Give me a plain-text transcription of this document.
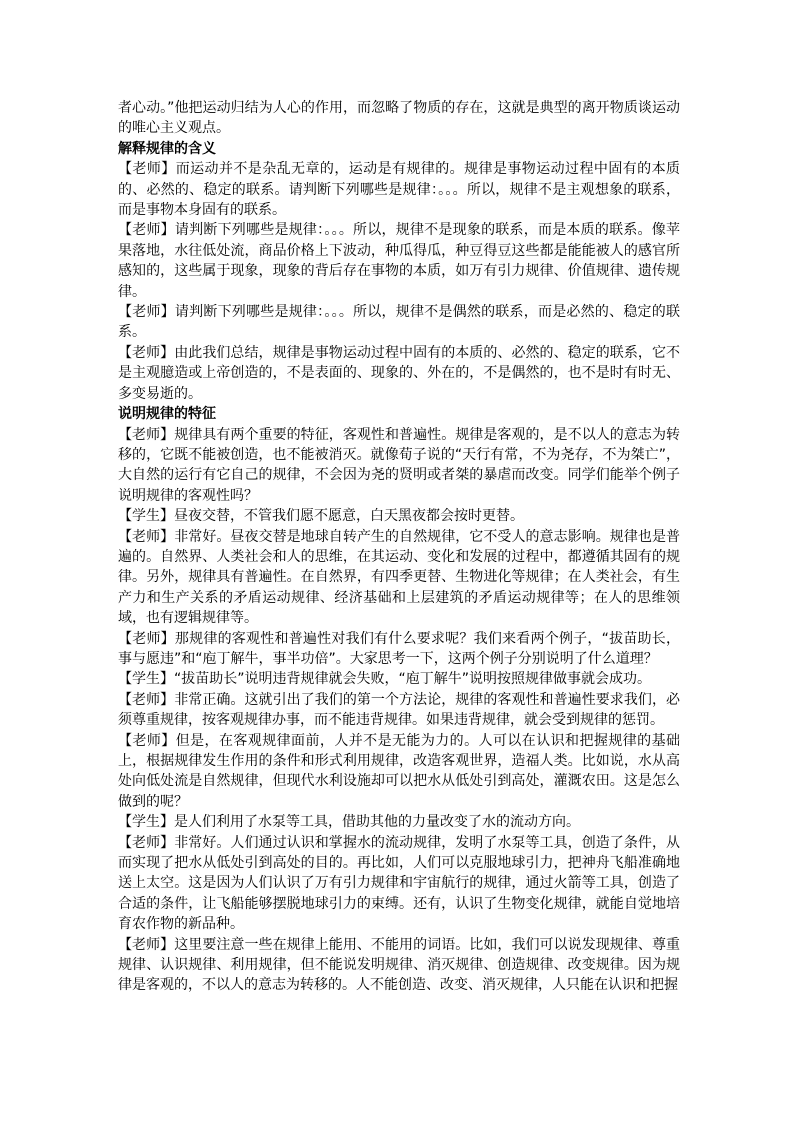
者心动。”他把运动归结为人心的作用，而忽略了物质的存在，这就是典型的离开物质谈运动的唯心主义观点。

解释规律的含义

【老师】而运动并不是杂乱无章的，运动是有规律的。规律是事物运动过程中固有的本质的、必然的、稳定的联系。请判断下列哪些是规律：。。。所以，规律不是主观想象的联系，而是事物本身固有的联系。

【老师】请判断下列哪些是规律：。。。所以，规律不是现象的联系，而是本质的联系。像苹果落地，水往低处流，商品价格上下波动，种瓜得瓜，种豆得豆这些都是能能被人的感官所感知的，这些属于现象，现象的背后存在事物的本质，如万有引力规律、价值规律、遗传规律。

【老师】请判断下列哪些是规律：。。。所以，规律不是偶然的联系，而是必然的、稳定的联系。

【老师】由此我们总结，规律是事物运动过程中固有的本质的、必然的、稳定的联系，它不是主观臆造或上帝创造的，不是表面的、现象的、外在的，不是偶然的，也不是时有时无、多变易逝的。

说明规律的特征

【老师】规律具有两个重要的特征，客观性和普遍性。规律是客观的，是不以人的意志为转移的，它既不能被创造，也不能被消灭。就像荀子说的“天行有常，不为尧存，不为桀亡”，大自然的运行有它自己的规律，不会因为尧的贤明或者桀的暴虐而改变。同学们能举个例子说明规律的客观性吗？

【学生】昼夜交替，不管我们愿不愿意，白天黑夜都会按时更替。

【老师】非常好。昼夜交替是地球自转产生的自然规律，它不受人的意志影响。规律也是普遍的。自然界、人类社会和人的思维，在其运动、变化和发展的过程中，都遵循其固有的规律。另外，规律具有普遍性。在自然界，有四季更替、生物进化等规律；在人类社会，有生产力和生产关系的矛盾运动规律、经济基础和上层建筑的矛盾运动规律等；在人的思维领域，也有逻辑规律等。

【老师】那规律的客观性和普遍性对我们有什么要求呢？我们来看两个例子，“拔苗助长，事与愿违”和“庖丁解牛，事半功倍”。大家思考一下，这两个例子分别说明了什么道理？

【学生】“拔苗助长”说明违背规律就会失败，“庖丁解牛”说明按照规律做事就会成功。

【老师】非常正确。这就引出了我们的第一个方法论，规律的客观性和普遍性要求我们，必须尊重规律，按客观规律办事，而不能违背规律。如果违背规律，就会受到规律的惩罚。

【老师】但是，在客观规律面前，人并不是无能为力的。人可以在认识和把握规律的基础上，根据规律发生作用的条件和形式利用规律，改造客观世界，造福人类。比如说，水从高处向低处流是自然规律，但现代水利设施却可以把水从低处引到高处，灌溉农田。这是怎么做到的呢？

【学生】是人们利用了水泵等工具，借助其他的力量改变了水的流动方向。

【老师】非常好。人们通过认识和掌握水的流动规律，发明了水泵等工具，创造了条件，从而实现了把水从低处引到高处的目的。再比如，人们可以克服地球引力，把神舟飞船准确地送上太空。这是因为人们认识了万有引力规律和宇宙航行的规律，通过火箭等工具，创造了合适的条件，让飞船能够摆脱地球引力的束缚。还有，认识了生物变化规律，就能自觉地培育农作物的新品种。

【老师】这里要注意一些在规律上能用、不能用的词语。比如，我们可以说发现规律、尊重规律、认识规律、利用规律，但不能说发明规律、消灭规律、创造规律、改变规律。因为规律是客观的，不以人的意志为转移的。人不能创造、改变、消灭规律，人只能在认识和把握
